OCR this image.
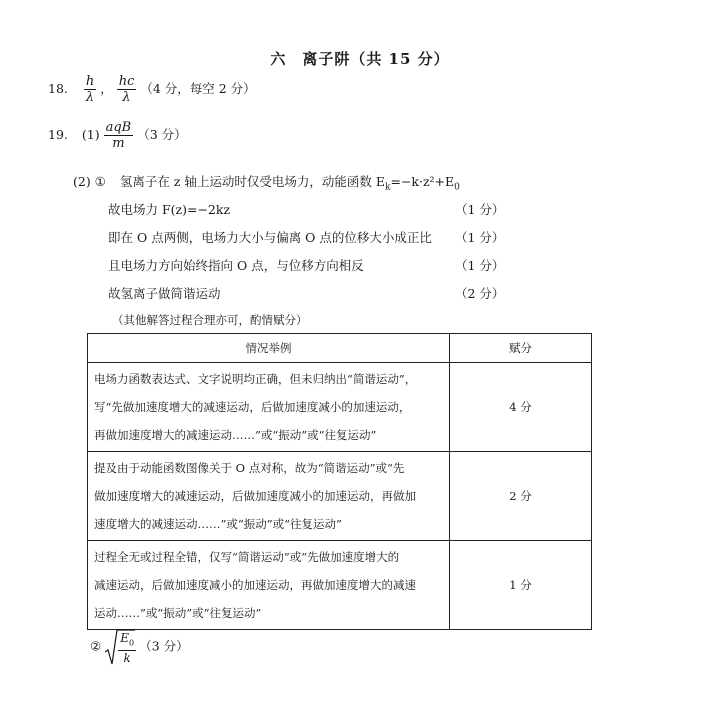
六　离子阱（共 15 分）
18. $\frac{h}{\lambda}$ ， $\frac{hc}{\lambda} (4$ 分，每空 2 分）
19. $(1) \frac{\text{aqB}}{m} (3$ 分）
(2) ① 氢离子在 z 轴上运动时仅受电场力，动能函数 $E_k=-k\cdot z^2+E_0$
故电场力 F(z)=−2kz	（1 分）
即在 O 点两侧，电场力大小与偏离 O 点的位移大小成正比 （1 分）
且电场力方向始终指向 O 点，与位移方向相反	（1 分）
故氢离子做简谐运动	（2 分）
（其他解答过程合理亦可，酌情赋分）
情况举例	赋分

电场力函数表达式、文字说明均正确，但未归纳出“简谐运动”，
写“先做加速度增大的减速运动，后做加速度减小的加速运动，
再做加速度增大的减速运动……”或“振动”或“往复运动”	4 分

提及由于动能函数图像关于 O 点对称，故为“简谐运动”或“先
做加速度增大的减速运动，后做加速度减小的加速运动，再做加
速度增大的减速运动……”或“振动”或“往复运动”	2 分

过程全无或过程全错，仅写“简谐运动”或“先做加速度增大的
减速运动，后做加速度减小的加速运动，再做加速度增大的减速
运动……”或“振动”或“往复运动”	1 分
② $\frac{E_0}{k} (3$ 分）
